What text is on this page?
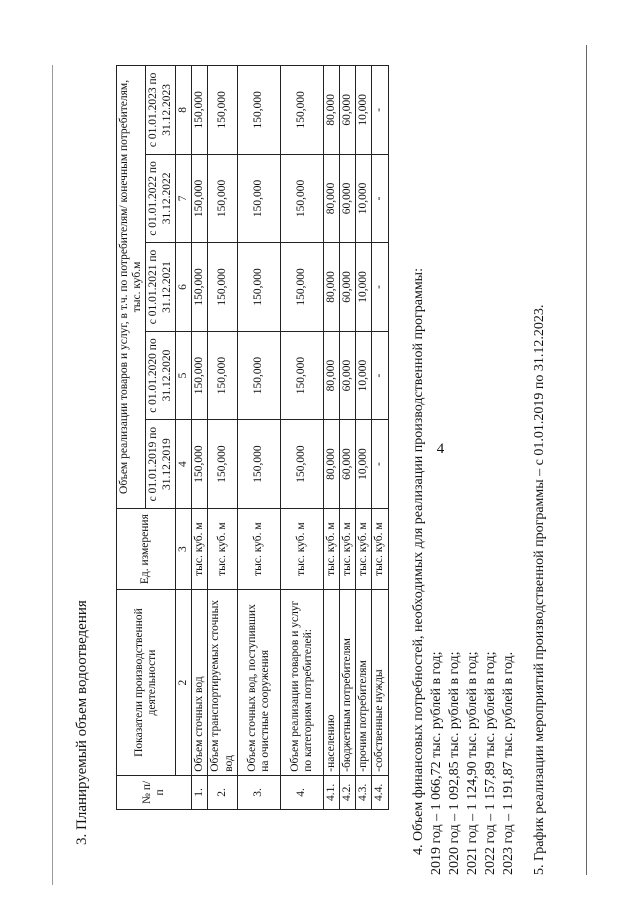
4
3. Планируемый объем водоотведения	№ п/п	Показатели производственной деятельности	Ед. измерения	Объем реализации товаров и услуг, в т.ч. по потребителям/ конечным потребителям, тыс. куб.м				
			с 01.01.2019 по 31.12.2019	с 01.01.2020 по 31.12.2020	с 01.01.2021 по 31.12.2021	с 01.01.2022 по 31.12.2022	с 01.01.2023 по 31.12.2023
	2	3	4	5	6	7	8
1.	Объем сточных вод	тыс. куб. м	150,000	150,000	150,000	150,000	150,000
2.	Объем транспортируемых сточных вод	тыс. куб. м	150,000	150,000	150,000	150,000	150,000
3.	Объем сточных вод, поступивших на очистные сооружения	тыс. куб. м	150,000	150,000	150,000	150,000	150,000
4.	Объем реализации товаров и услуг по категориям потребителей:	тыс. куб. м	150,000	150,000	150,000	150,000	150,000
4.1.	-населению	тыс. куб. м	80,000	80,000	80,000	80,000	80,000
4.2.	-бюджетным потребителям	тыс. куб. м	60,000	60,000	60,000	60,000	60,000
4.3.	-прочим потребителям	тыс. куб. м	10,000	10,000	10,000	10,000	10,000
4.4.	-собственные нужды	тыс. куб. м	-	-	-	-	-
4. Объем финансовых потребностей, необходимых для реализации производственной программы: 2019 год – 1 066,72 тыс. рублей в год; 2020 год – 1 092,85 тыс. рублей в год; 2021 год – 1 124,90 тыс. рублей в год; 2022 год – 1 157,89 тыс. рублей в год; 2023 год – 1 191,87 тыс. рублей в год. 5. График реализации мероприятий производственной программы – с 01.01.2019 по 31.12.2023.
